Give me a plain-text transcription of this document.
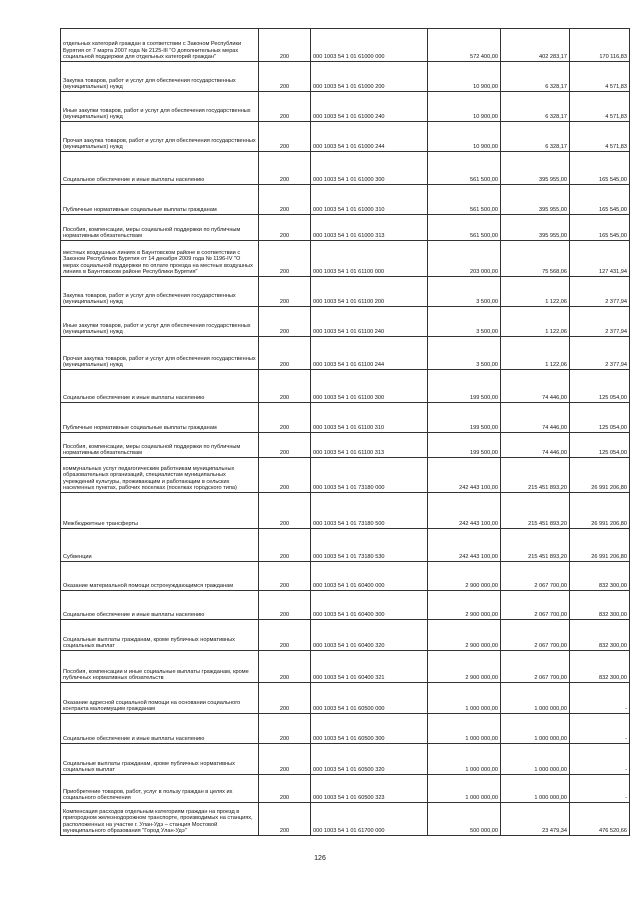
отдельных категорий граждан в соответствии с Законом Республики Бурятия от 7 марта 2007 года № 2125-III "О дополнительных мерах социальной поддержки для отдельных категорий граждан"	200	000 1003 54 1 01 61000 000	572 400,00	402 283,17	170 116,83
Закупка товаров, работ и услуг для обеспечения государственных (муниципальных) нужд	200	000 1003 54 1 01 61000 200	10 900,00	6 328,17	4 571,83
Иные закупки товаров, работ и услуг для обеспечения государственных (муниципальных) нужд	200	000 1003 54 1 01 61000 240	10 900,00	6 328,17	4 571,83
Прочая закупка товаров, работ и услуг для обеспечения государственных (муниципальных) нужд	200	000 1003 54 1 01 61000 244	10 900,00	6 328,17	4 571,83
Социальное обеспечение и иные выплаты населению	200	000 1003 54 1 01 61000 300	561 500,00	395 955,00	165 545,00
Публичные нормативные социальные выплаты гражданам	200	000 1003 54 1 01 61000 310	561 500,00	395 955,00	165 545,00
Пособия, компенсации, меры социальной поддержки по публичным нормативным обязательствам	200	000 1003 54 1 01 61000 313	561 500,00	395 955,00	165 545,00
местных воздушных линиях в Баунтовском районе в соответствии с Законом Республики Бурятия от 14 декабря 2009 года № 1196-IV "О мерах социальной поддержки по оплате проезда на местных воздушных линиях в Баунтовском районе Республики Бурятия"	200	000 1003 54 1 01 61100 000	203 000,00	75 568,06	127 431,94
Закупка товаров, работ и услуг для обеспечения государственных (муниципальных) нужд	200	000 1003 54 1 01 61100 200	3 500,00	1 122,06	2 377,94
Иные закупки товаров, работ и услуг для обеспечения государственных (муниципальных) нужд	200	000 1003 54 1 01 61100 240	3 500,00	1 122,06	2 377,94
Прочая закупка товаров, работ и услуг для обеспечения государственных (муниципальных) нужд	200	000 1003 54 1 01 61100 244	3 500,00	1 122,06	2 377,94
Социальное обеспечение и иные выплаты населению	200	000 1003 54 1 01 61100 300	199 500,00	74 446,00	125 054,00
Публичные нормативные социальные выплаты гражданам	200	000 1003 54 1 01 61100 310	199 500,00	74 446,00	125 054,00
Пособия, компенсации, меры социальной поддержки по публичным нормативным обязательствам	200	000 1003 54 1 01 61100 313	199 500,00	74 446,00	125 054,00
коммунальных услуг педагогическим работникам муниципальных образовательных организаций, специалистам муниципальных учреждений культуры, проживающим и работающим в сельских населенных пунктах, рабочих поселках (поселках городского типа)	200	000 1003 54 1 01 73180 000	242 443 100,00	215 451 893,20	26 991 206,80
Межбюджетные трансферты	200	000 1003 54 1 01 73180 500	242 443 100,00	215 451 893,20	26 991 206,80
Субвенции	200	000 1003 54 1 01 73180 530	242 443 100,00	215 451 893,20	26 991 206,80
Оказание материальной помощи остронуждающимся гражданам	200	000 1003 54 1 01 60400 000	2 900 000,00	2 067 700,00	832 300,00
Социальное обеспечение и иные выплаты населению	200	000 1003 54 1 01 60400 300	2 900 000,00	2 067 700,00	832 300,00
Социальные выплаты гражданам, кроме публичных нормативных социальных выплат	200	000 1003 54 1 01 60400 320	2 900 000,00	2 067 700,00	832 300,00
Пособия, компенсации и иные социальные выплаты гражданам, кроме публичных нормативных обязательств	200	000 1003 54 1 01 60400 321	2 900 000,00	2 067 700,00	832 300,00
Оказание адресной социальной помощи на основании социального контракта малоимущим гражданам	200	000 1003 54 1 01 60500 000	1 000 000,00	1 000 000,00	-
Социальное обеспечение и иные выплаты населению	200	000 1003 54 1 01 60500 300	1 000 000,00	1 000 000,00	-
Социальные выплаты гражданам, кроме публичных нормативных социальных выплат	200	000 1003 54 1 01 60500 320	1 000 000,00	1 000 000,00	-
Приобретение товаров, работ, услуг в пользу граждан в целях их социального обеспечения	200	000 1003 54 1 01 60500 323	1 000 000,00	1 000 000,00	-
Компенсация расходов отдельным категориям граждан на проезд в пригородном железнодорожном транспорте, производимых на станциях, расположенных на участке г. Улан-Удэ – станция Мостовой муниципального образования "Город Улан-Удэ"	200	000 1003 54 1 01 61700 000	500 000,00	23 479,34	476 520,66
126
